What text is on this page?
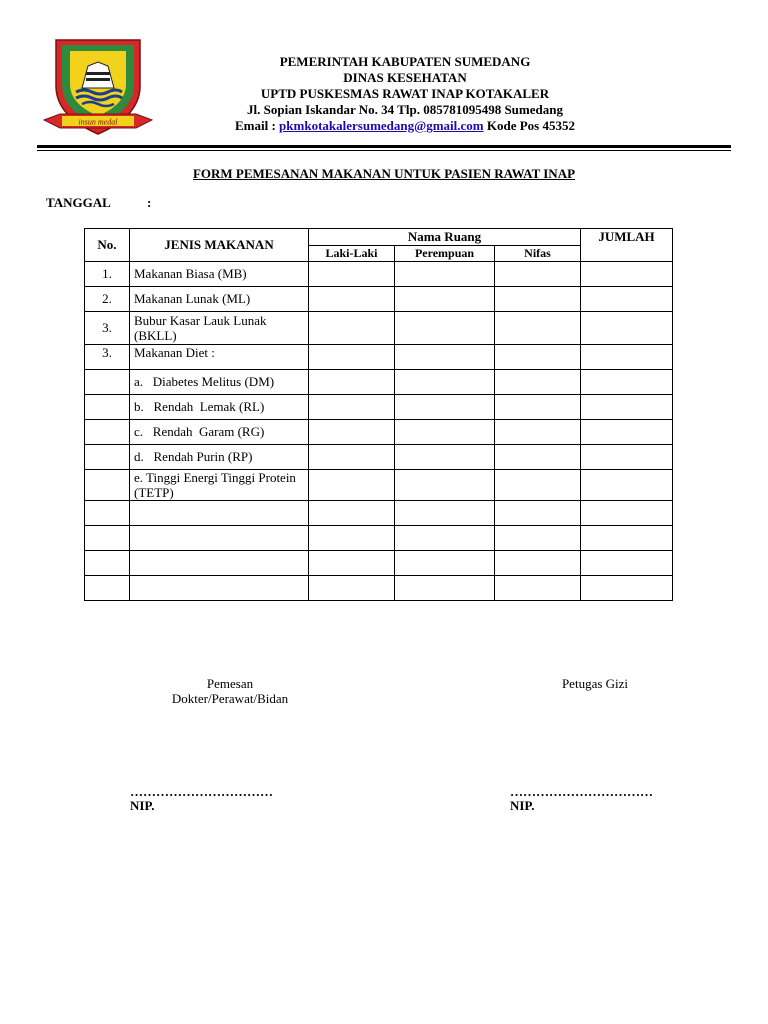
insun medal
PEMERINTAH KABUPATEN SUMEDANG
DINAS KESEHATAN
UPTD PUSKESMAS RAWAT INAP KOTAKALER
Jl. Sopian Iskandar No. 34 Tlp. 085781095498 Sumedang
Email : pkmkotakalersumedang@gmail.com Kode Pos 45352
FORM PEMESANAN MAKANAN UNTUK PASIEN RAWAT INAP
TANGGAL	:
No.	JENIS MAKANAN	Nama Ruang			JUMLAH
		Laki-Laki	Perempuan	Nifas	
1.	Makanan Biasa (MB)				
2.	Makanan Lunak (ML)				
3.	Bubur Kasar Lauk Lunak (BKLL)				
3.	Makanan Diet :				
	a.   Diabetes Melitus (DM)				
	b.   Rendah  Lemak (RL)				
	c.   Rendah  Garam (RG)				
	d.   Rendah Purin (RP)				
	e. Tinggi Energi Tinggi Protein (TETP)				

Pemesan
Dokter/Perawat/Bidan
Petugas Gizi
……………………………
NIP.
……………………………
NIP.
